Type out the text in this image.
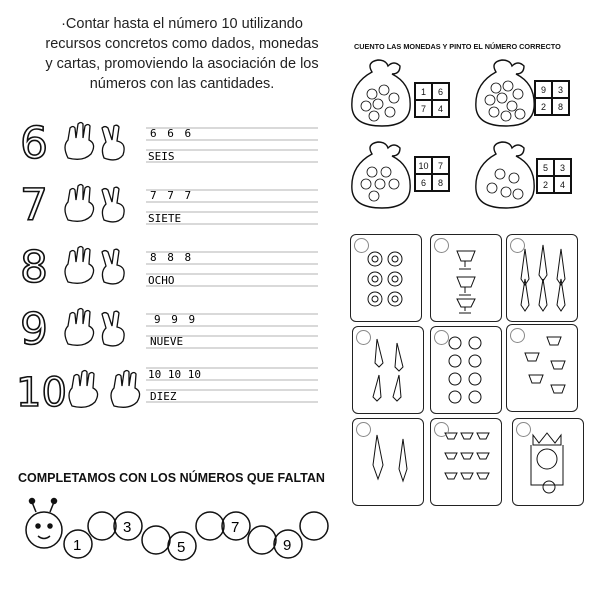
·Contar hasta el número 10 utilizando
recursos concretos como dados, monedas
y cartas, promoviendo la asociación de los
números con las cantidades.
6	6 6 6
SEIS
7	7 7 7
SIETE
8	8 8 8
OCHO
9	9 9 9
NUEVE
10	10 10 10
DIEZ
CUENTO LAS MONEDAS Y PINTO EL NÚMERO CORRECTO
1	6
7	4
9	3
2	8
10	7
6	8
5	3
2	4
COMPLETAMOS CON LOS NÚMEROS QUE FALTAN
1
3
5
7
9
